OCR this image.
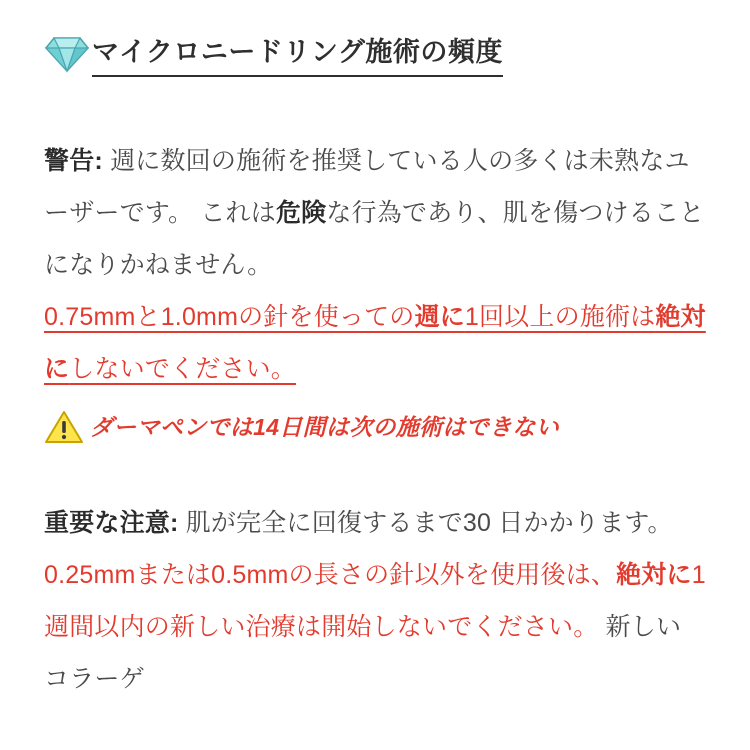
マイクロニードリング施術の頻度
警告: 週に数回の施術を推奨している人の多くは未熟なユーザーです。 これは危険な行為であり、肌を傷つけることになりかねません。
0.75mmと1.0mmの針を使っての週に1回以上の施術は絶対にしないでください。
ダーマペンでは14日間は次の施術はできない
重要な注意: 肌が完全に回復するまで30 日かかります。0.25mmまたは0.5mmの長さの針以外を使用後は、絶対に1週間以内の新しい治療は開始しないでください。 新しいコラーゲ
